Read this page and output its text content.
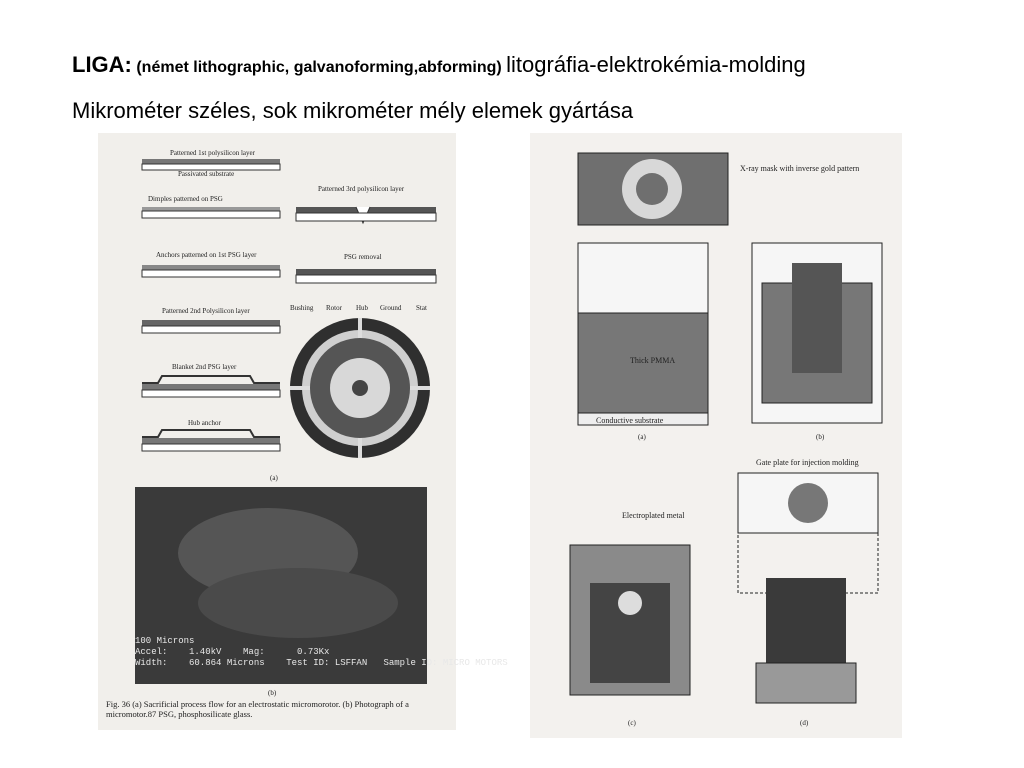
LIGA: (német lithographic, galvanoforming,abforming) litográfia-elektrokémia-molding
Mikrométer széles, sok mikrométer mély elemek gyártása
Patterned 1st polysilicon layer
Passivated substrate
Dimples patterned on PSG
Anchors patterned on 1st PSG layer
Patterned 2nd Polysilicon layer
Blanket 2nd PSG layer
Hub anchor
Patterned 3rd polysilicon layer
PSG removal
Bushing Rotor Hub Ground Stat
(a)
(b)
100 Microns
Accel:    1.40kV    Mag:      0.73Kx
Width:    60.864 Microns    Test ID: LSFFAN   Sample ID: MICRO MOTORS
Fig. 36 (a) Sacrificial process flow for an electrostatic micromorotor. (b) Photograph of a micromotor.87 PSG, phosphosilicate glass.
X-ray mask with inverse gold pattern
Thick PMMA
Conductive substrate
(a)	(b)
Electroplated metal
(c)
Gate plate for injection molding
(d)
